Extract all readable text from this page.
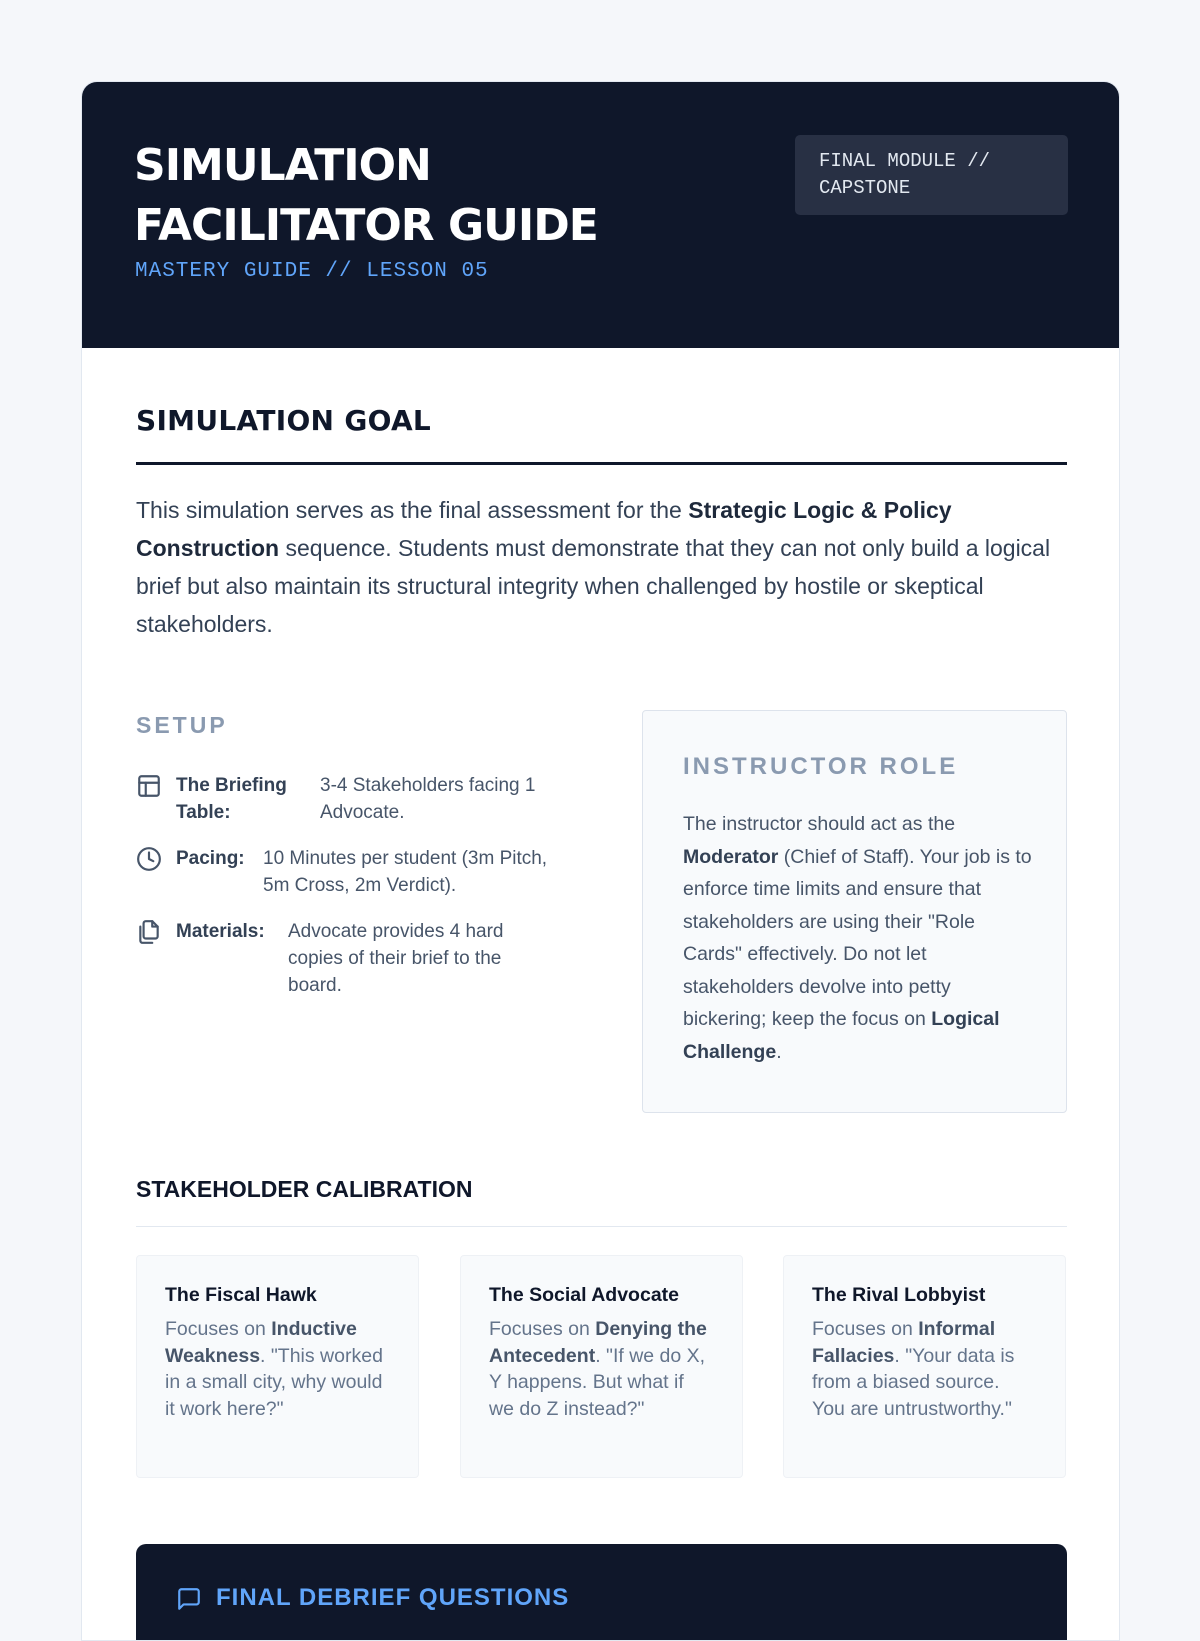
SIMULATION FACILITATOR GUIDE
MASTERY GUIDE // LESSON 05
FINAL MODULE // CAPSTONE
SIMULATION GOAL

This simulation serves as the final assessment for the Strategic Logic & Policy Construction sequence. Students must demonstrate that they can not only build a logical brief but also maintain its structural integrity when challenged by hostile or skeptical stakeholders.

SETUP
The Briefing Table:
3-4 Stakeholders facing 1 Advocate.
Pacing: 10 Minutes per student (3m Pitch, 5m Cross, 2m Verdict).
Materials:	Advocate provides 4 hard copies of their brief to the board.
INSTRUCTOR ROLE

The instructor should act as the Moderator (Chief of Staff). Your job is to enforce time limits and ensure that stakeholders are using their "Role Cards" effectively. Do not let stakeholders devolve into petty bickering; keep the focus on Logical Challenge.

STAKEHOLDER CALIBRATION
The Fiscal Hawk

Focuses on Inductive Weakness. "This worked in a small city, why would it work here?"

The Social Advocate

Focuses on Denying the Antecedent. "If we do X, Y happens. But what if we do Z instead?"

The Rival Lobbyist

Focuses on Informal Fallacies. "Your data is from a biased source. You are untrustworthy."

FINAL DEBRIEF QUESTIONS
